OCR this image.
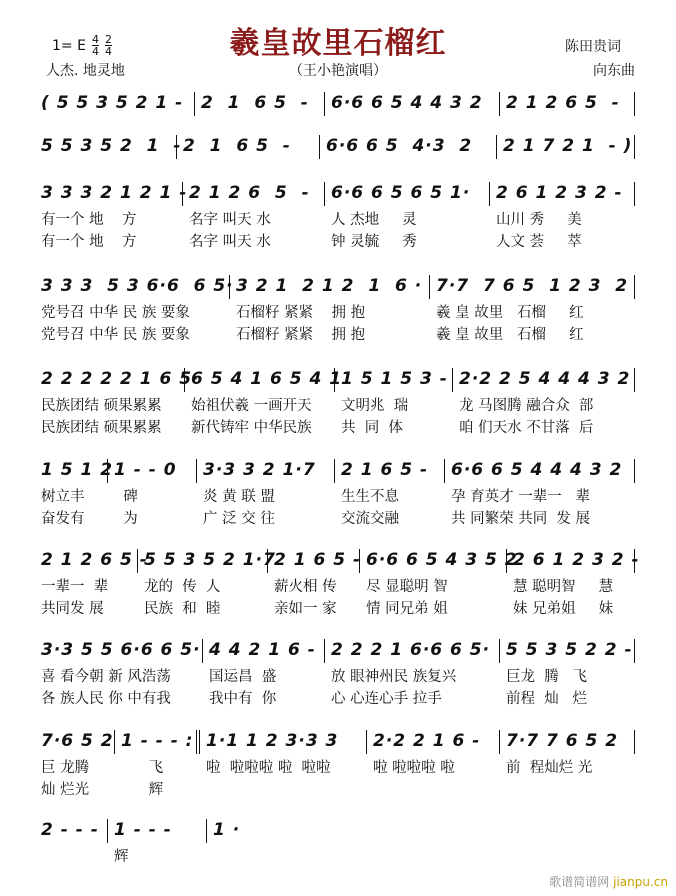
1= E $\frac{4}{4} \frac{2}{4}$
人杰. 地灵地
羲皇故里石榴红
（王小艳演唱）
陈田贵词
向东曲
( 5 5 3 5 2 1 -	2  1  6 5  -	6·6 6 5 4 4 3 2	2 1 2 6 5  -
5 5 3 5 2  1  - 2  1  6 5  -	6·6 6 5  4·3  2	2 1 7 2 1  - )
3 3 3 2 1 2 1 -
有一个 地    方
有一个 地    方
2 1 2 6  5  -
名字 叫天 水
名字 叫天 水
6·6 6 5 6 5 1·
人 杰地     灵
钟 灵毓     秀
2 6 1 2 3 2 -
山川 秀     美
人文 荟     萃
3 3 3  5 3 6·6  6 5·
党号召 中华 民 族 要象
党号召 中华 民 族 要象
3 2 1  2 1 2  1  6 ·
石榴籽 紧紧    拥 抱
石榴籽 紧紧    拥 抱
7·7  7 6 5  1 2 3  2
羲 皇 故里   石榴     红
羲 皇 故里   石榴     红
2 2 2 2 2 1 6 5·
民族团结 硕果累累
民族团结 硕果累累
6 5 4 1 6 5 4 1
始祖伏羲 一画开天
新代铸牢 中华民族
1 5 1 5 3 -
文明兆  瑞
共  同  体
2·2 2 5 4 4 4 3 2
龙 马图腾 融合众  部
咱 们天水 不甘落  后
1 5 1 2
树立丰
奋发有
1 - - 0
碑
为
3·3 3 2 1·7
炎 黄 联 盟
广 泛 交 往
2 1 6 5 -
生生不息
交流交融
6·6 6 5 4 4 4 3 2
孕 育英才 一辈一   辈
共 同繁荣 共同  发 展
2 1 2 6 5 -
一辈一  辈
共同发 展
5 5 3 5 2 1·7
龙的  传  人
民族  和  睦
2 1 6 5 -
薪火相 传
亲如一 家
6·6 6 5 4 3 5 2
尽 显聪明 智
情 同兄弟 姐
2 6 1 2 3 2 -
慧 聪明智     慧
妹 兄弟姐     妹
3·3 5 5 6·6 6 5·
喜 看今朝 新 风浩荡
各 族人民 你 中有我
4 4 2 1 6 -
国运昌  盛
我中有  你
2 2 2 1 6·6 6 5·
放 眼神州民 族复兴
心 心连心手 拉手
5 5 3 5 2 2 -
巨龙  腾   飞
前程  灿   烂
7·6 5 2
巨 龙腾
灿 烂光
1 - - - :
飞
辉
1·1 1 2 3·3 3
啦  啦啦啦 啦  啦啦
2·2 2 1 6 -
啦 啦啦啦 啦
7·7 7 6 5 2
前  程灿烂 光
2 - - - 1 - - -
辉
1 ·
歌谱简谱网 jianpu.cn
